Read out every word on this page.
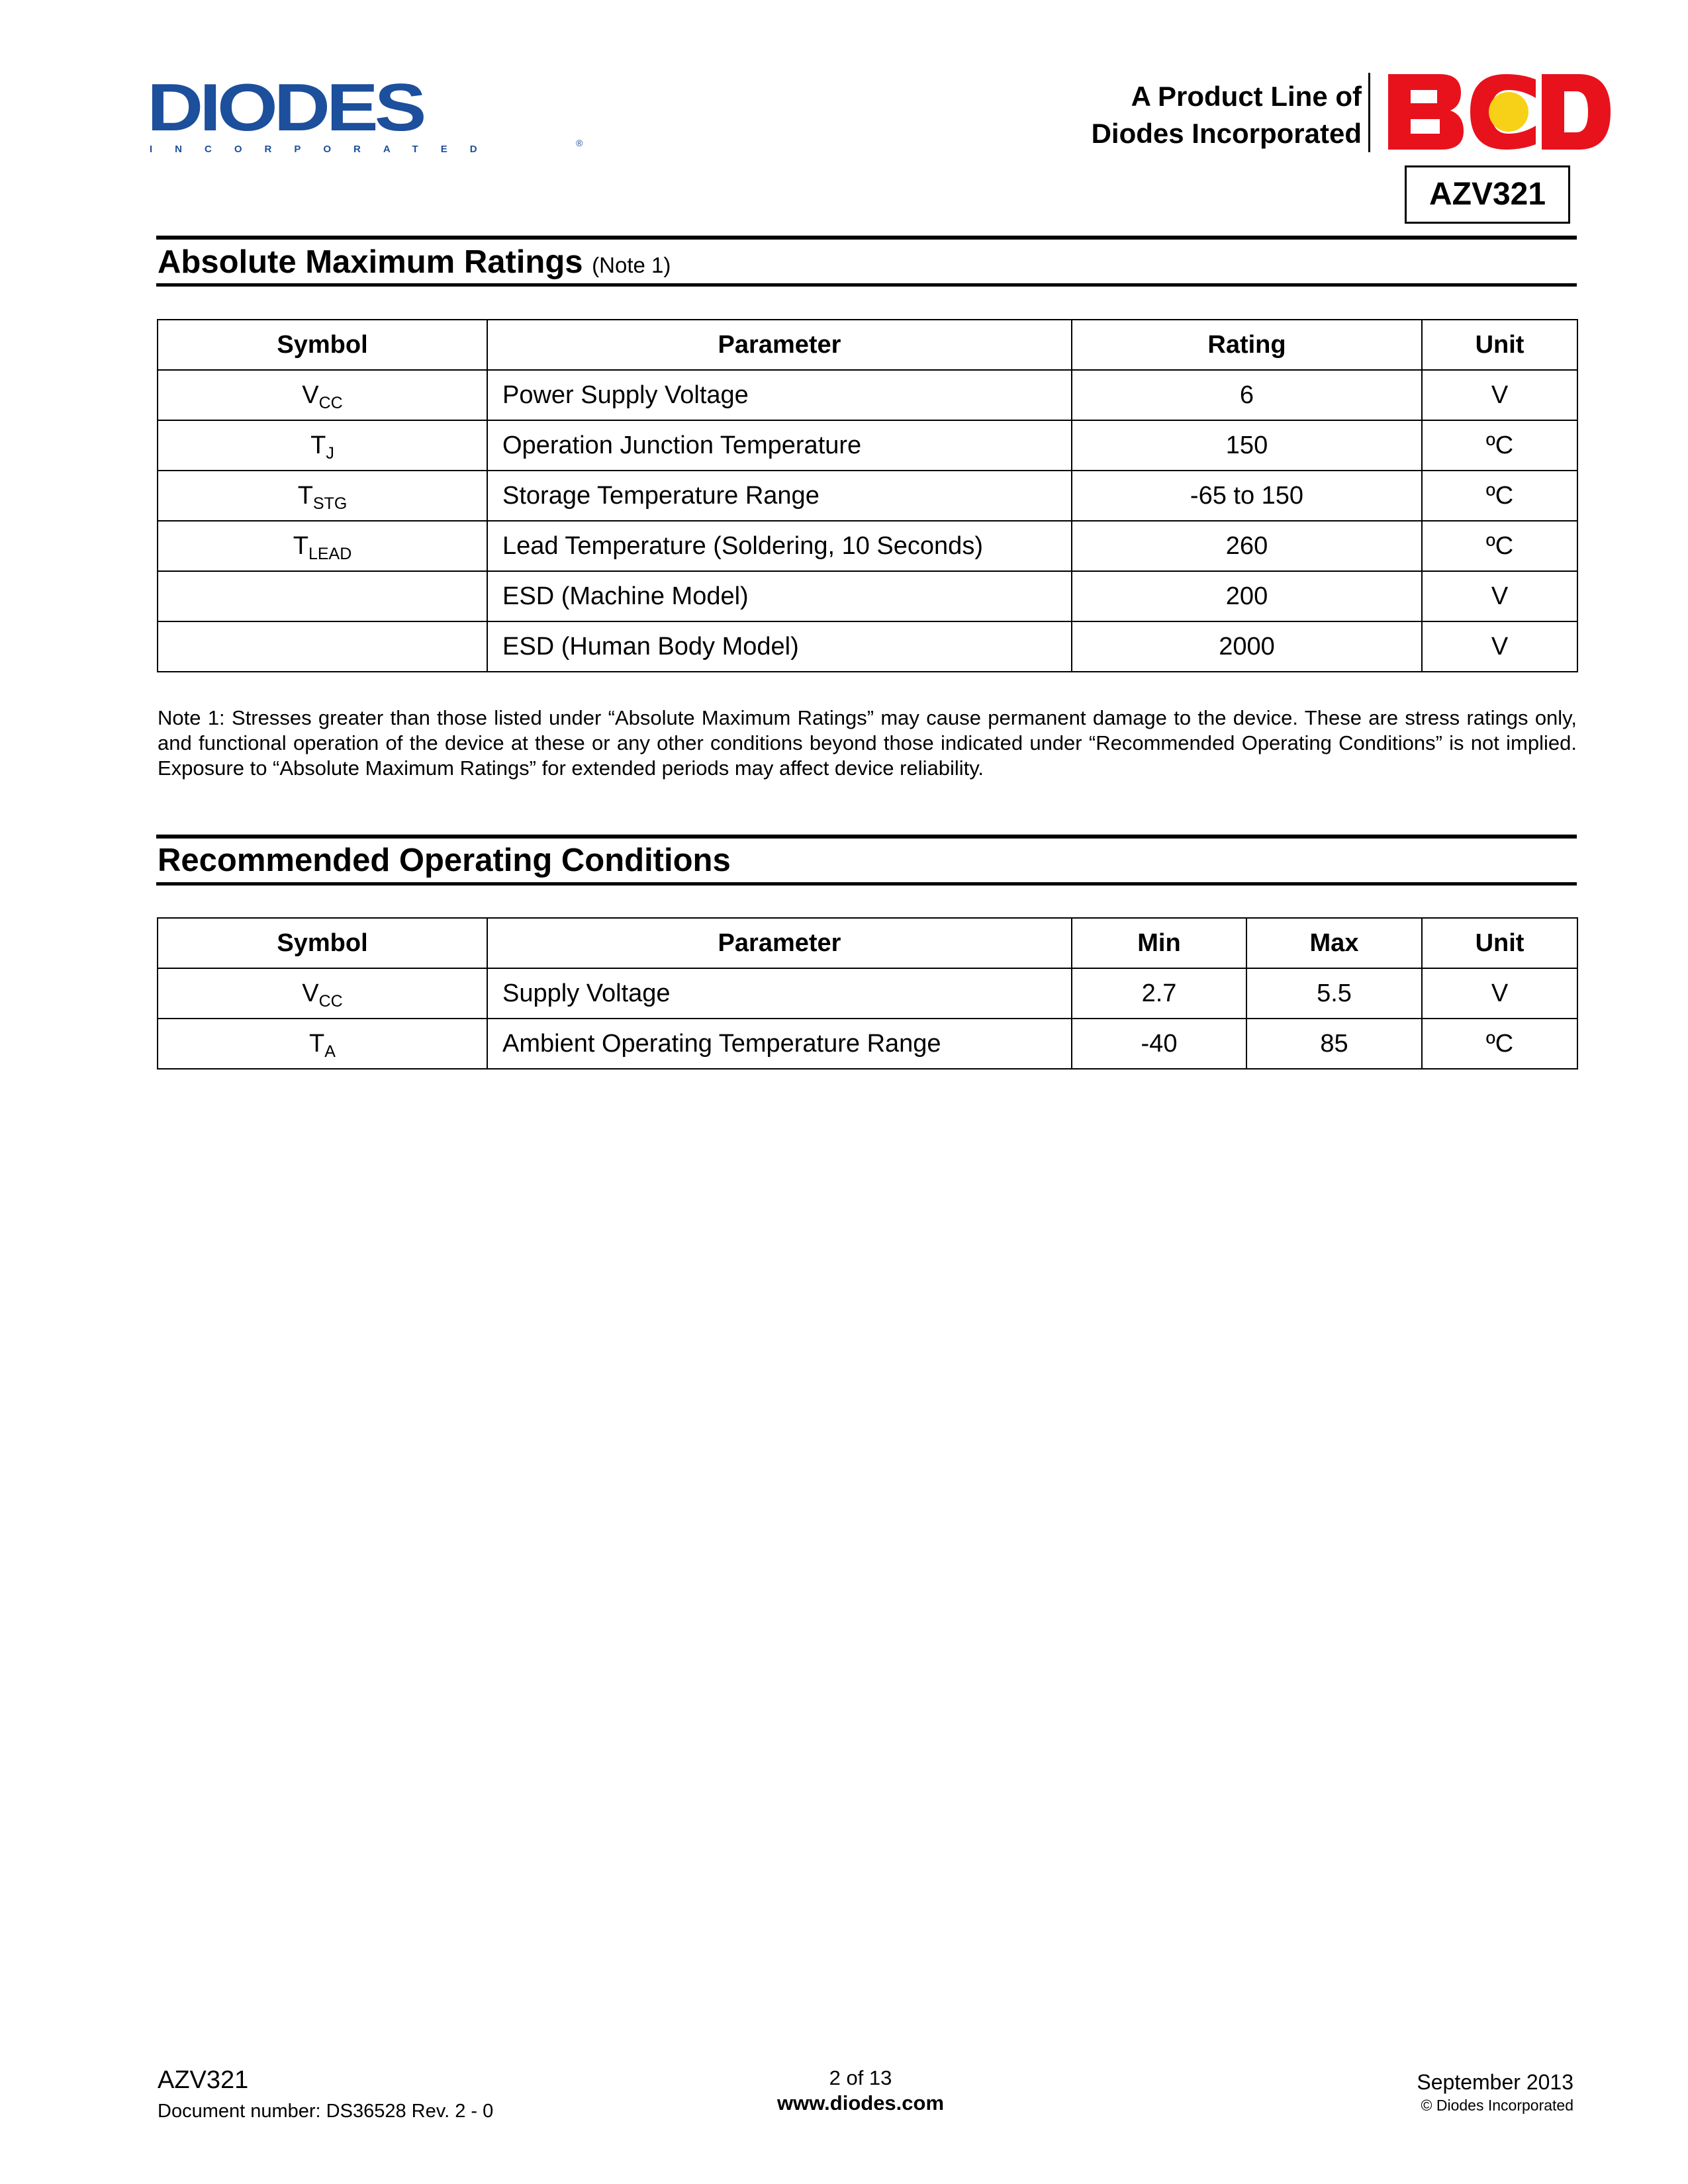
DIODES
INCORPORATED
®
A Product Line of
Diodes Incorporated
AZV321
Absolute Maximum Ratings (Note 1)
Symbol	Parameter	Rating	Unit
$V_{CC}$	Power Supply Voltage	6	V
$T_J$	Operation Junction Temperature	150	ºC
$T_{STG}$	Storage Temperature Range	-65 to 150	ºC
$T_{LEAD}$	Lead Temperature (Soldering, 10 Seconds)	260	ºC
	ESD (Machine Model)	200	V
	ESD (Human Body Model)	2000	V
Note 1: Stresses greater than those listed under “Absolute Maximum Ratings” may cause permanent damage to the device. These are stress ratings only, and functional operation of the device at these or any other conditions beyond those indicated under “Recommended Operating Conditions” is not implied. Exposure to “Absolute Maximum Ratings” for extended periods may affect device reliability.
Recommended Operating Conditions
Symbol	Parameter	Min	Max	Unit
$V_{CC}$	Supply Voltage	2.7	5.5	V
$T_A$	Ambient Operating Temperature Range	-40	85	ºC
AZV321
Document number: DS36528 Rev. 2 - 0
2 of 13
www.diodes.com
September 2013
© Diodes Incorporated
